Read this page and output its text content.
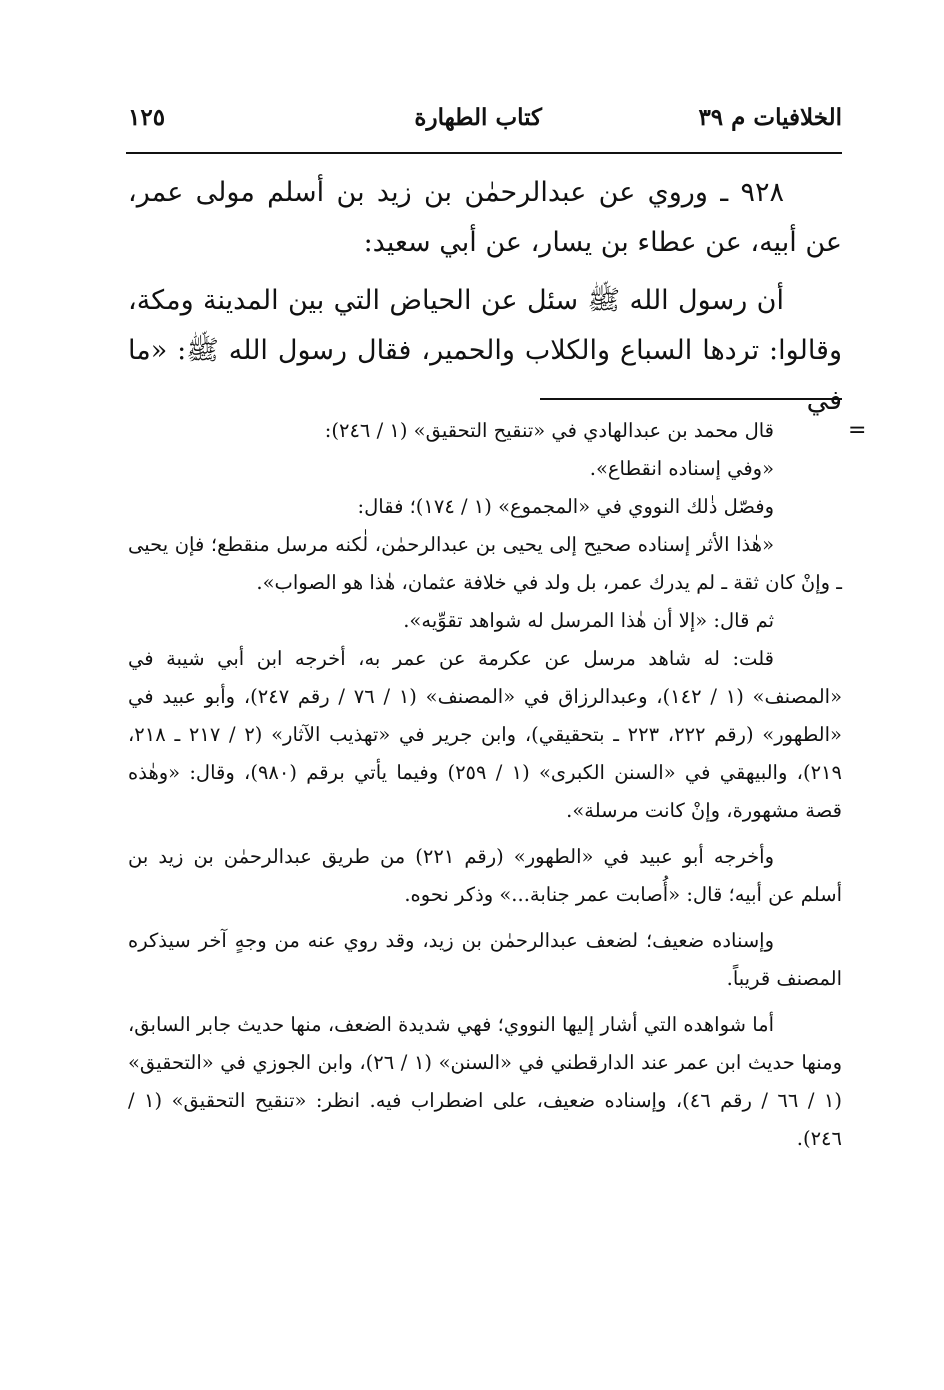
الخلافيات م ٣٩
كتاب الطهارة
١٢٥

٩٢٨ ـ وروي عن عبدالرحمٰن بن زيد بن أسلم مولى عمر، عن أبيه، عن عطاء بن يسار، عن أبي سعيد:

أن رسول الله ﷺ سئل عن الحياض التي بين المدينة ومكة، وقالوا: تردها السباع والكلاب والحمير، فقال رسول الله ﷺ: «ما في

=

قال محمد بن عبدالهادي في «تنقيح التحقيق» (١ / ٢٤٦):

«وفي إسناده انقطاع».

وفصّل ذٰلك النووي في «المجموع» (١ / ١٧٤)؛ فقال:

«هٰذا الأثر إسناده صحيح إلى يحيى بن عبدالرحمٰن، لٰكنه مرسل منقطع؛ فإن يحيى ـ وإنْ كان ثقة ـ لم يدرك عمر، بل ولد في خلافة عثمان، هٰذا هو الصواب».

ثم قال: «إلا أن هٰذا المرسل له شواهد تقوِّيه».

قلت: له شاهد مرسل عن عكرمة عن عمر به، أخرجه ابن أبي شيبة في «المصنف» (١ / ١٤٢)، وعبدالرزاق في «المصنف» (١ / ٧٦ / رقم ٢٤٧)، وأبو عبيد في «الطهور» (رقم ٢٢٢، ٢٢٣ ـ بتحقيقي)، وابن جرير في «تهذيب الآثار» (٢ / ٢١٧ ـ ٢١٨، ٢١٩)، والبيهقي في «السنن الكبرى» (١ / ٢٥٩) وفيما يأتي برقم (٩٨٠)، وقال: «وهٰذه قصة مشهورة، وإنْ كانت مرسلة».

وأخرجه أبو عبيد في «الطهور» (رقم ٢٢١) من طريق عبدالرحمٰن بن زيد بن أسلم عن أبيه؛ قال: «أُصابت عمر جنابة...» وذكر نحوه.

وإسناده ضعيف؛ لضعف عبدالرحمٰن بن زيد، وقد روي عنه من وجهٍ آخر سيذكره المصنف قريباً.

أما شواهده التي أشار إليها النووي؛ فهي شديدة الضعف، منها حديث جابر السابق، ومنها حديث ابن عمر عند الدارقطني في «السنن» (١ / ٢٦)، وابن الجوزي في «التحقيق» (١ / ٦٦ / رقم ٤٦)، وإسناده ضعيف، على اضطراب فيه. انظر: «تنقيح التحقيق» (١ / ٢٤٦).
